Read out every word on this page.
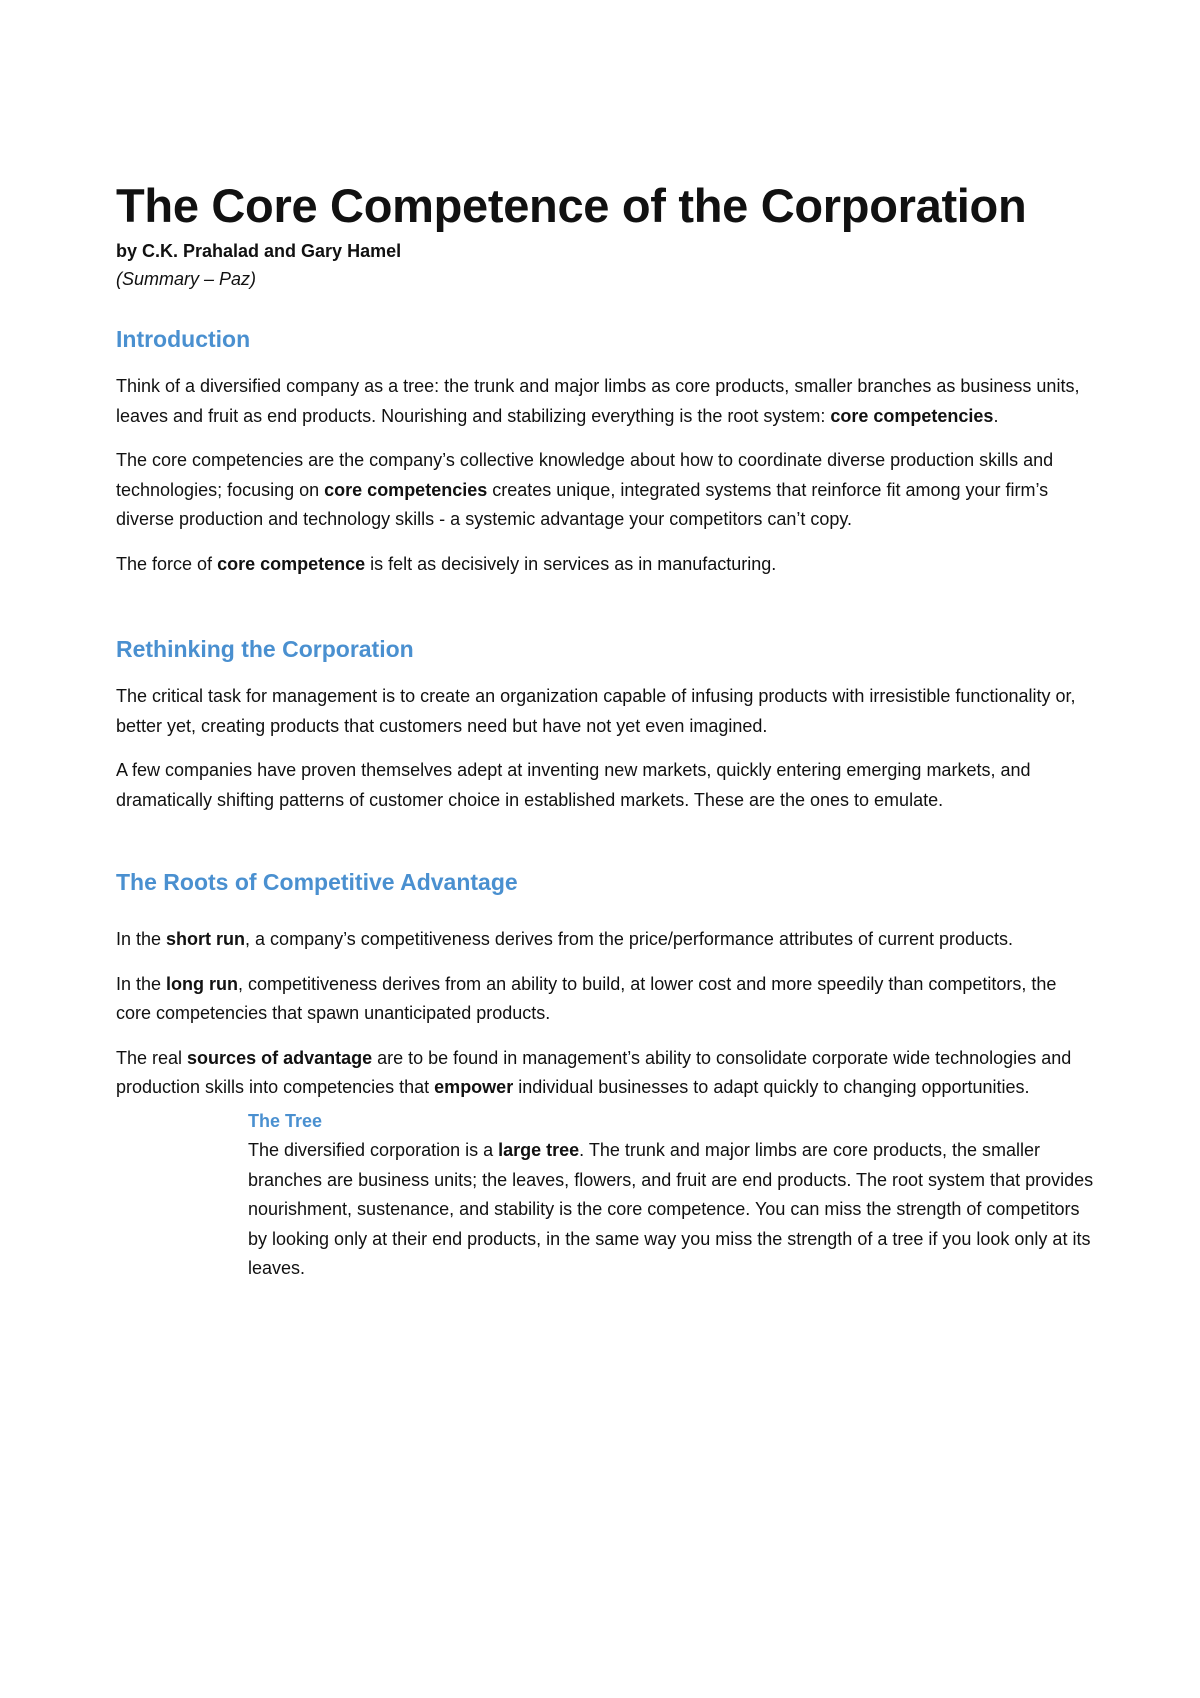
The Core Competence of the Corporation
by C.K. Prahalad and Gary Hamel
(Summary – Paz)
Introduction

Think of a diversified company as a tree: the trunk and major limbs as core products, smaller branches as business units, leaves and fruit as end products. Nourishing and stabilizing everything is the root system: core competencies.

The core competencies are the company’s collective knowledge about how to coordinate diverse production skills and technologies; focusing on core competencies creates unique, integrated systems that reinforce fit among your firm’s diverse production and technology skills - a systemic advantage your competitors can’t copy.

The force of core competence is felt as decisively in services as in manufacturing.

Rethinking the Corporation

The critical task for management is to create an organization capable of infusing products with irresistible functionality or, better yet, creating products that customers need but have not yet even imagined.

A few companies have proven themselves adept at inventing new markets, quickly entering emerging markets, and dramatically shifting patterns of customer choice in established markets. These are the ones to emulate.

The Roots of Competitive Advantage

In the short run, a company’s competitiveness derives from the price/performance attributes of current products.

In the long run, competitiveness derives from an ability to build, at lower cost and more speedily than competitors, the core competencies that spawn unanticipated products.

The real sources of advantage are to be found in management’s ability to consolidate corporate wide technologies and production skills into competencies that empower individual businesses to adapt quickly to changing opportunities.

The Tree

The diversified corporation is a large tree. The trunk and major limbs are core products, the smaller branches are business units; the leaves, flowers, and fruit are end products. The root system that provides nourishment, sustenance, and stability is the core competence. You can miss the strength of competitors by looking only at their end products, in the same way you miss the strength of a tree if you look only at its leaves.
